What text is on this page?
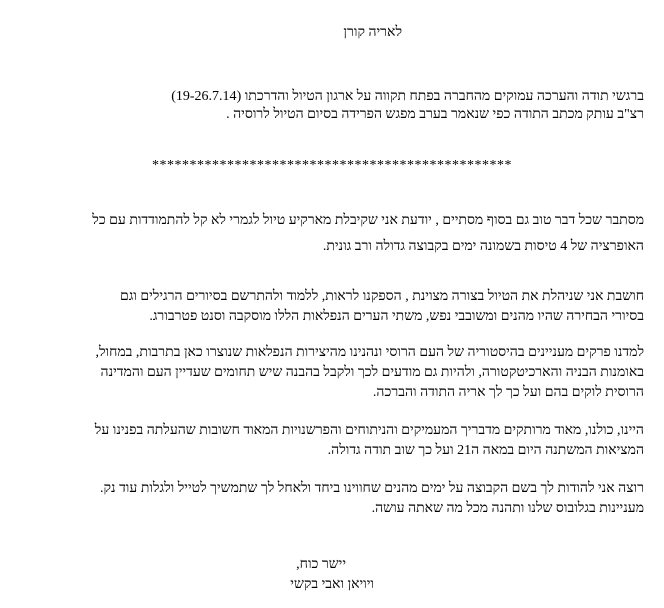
לאריה קורן
ברגשי תודה והערכה עמוקים מהחברה בפתח תקווה על ארגון הטיול והדרכתו (19-26.7.14)
רצ"ב עותק מכתב התודה כפי שנאמר בערב מפגש הפרידה בסיום הטיול לרוסיה .
************************************************
מסתבר שכל דבר טוב גם בסוף מסתיים , יודעת אני שקיבלת מארקיע טיול לגמרי לא קל להתמודדות עם כל
האופרציה של 4 טיסות בשמונה ימים בקבוצה גדולה ורב גונית.
חושבת אני שניהלת את הטיול בצורה מצוינת , הספקנו לראות, ללמוד ולהתרשם בסיורים הרגילים וגם
בסיורי הבחירה שהיו מהנים ומשובבי נפש, משתי הערים הנפלאות הללו מוסקבה וסנט פטרבורג.
למדנו פרקים מעניינים בהיסטוריה של העם הרוסי ונהנינו מהיצירות הנפלאות שנוצרו כאן בתרבות, במחול,
באומנות הבניה והארכיטקטורה, ולהיות גם מודעים לכך ולקבל בהבנה שיש תחומים שעדיין העם והמדינה
הרוסית לוקים בהם ועל כך לך אריה התודה והברכה.
היינו, כולנו, מאוד מרותקים מדבריך המעמיקים והניתוחים והפרשנויות המאוד חשובות שהעלתה בפנינו על
המציאות המשתנה היום במאה ה21 ועל כך שוב תודה גדולה.
רוצה אני להודות לך בשם הקבוצה על ימים מהנים שחווינו ביחד ולאחל לך שתמשיך לטייל ולגלות עוד נק.
מעניינות בגלובוס שלנו ותהנה מכל מה שאתה עושה.
יישר כוח,
ויויאן ואבי בקשי
